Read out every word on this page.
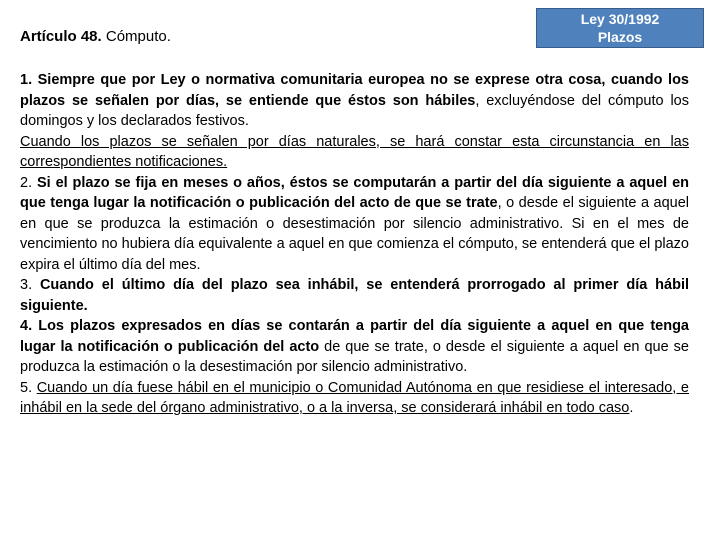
Artículo 48. Cómputo.
Ley 30/1992
Plazos

1. Siempre que por Ley o normativa comunitaria europea no se exprese otra cosa, cuando los plazos se señalen por días, se entiende que éstos son hábiles, excluyéndose del cómputo los domingos y los declarados festivos.

Cuando los plazos se señalen por días naturales, se hará constar esta circunstancia en las correspondientes notificaciones.

2. Si el plazo se fija en meses o años, éstos se computarán a partir del día siguiente a aquel en que tenga lugar la notificación o publicación del acto de que se trate, o desde el siguiente a aquel en que se produzca la estimación o desestimación por silencio administrativo. Si en el mes de vencimiento no hubiera día equivalente a aquel en que comienza el cómputo, se entenderá que el plazo expira el último día del mes.

3. Cuando el último día del plazo sea inhábil, se entenderá prorrogado al primer día hábil siguiente.

4. Los plazos expresados en días se contarán a partir del día siguiente a aquel en que tenga lugar la notificación o publicación del acto de que se trate, o desde el siguiente a aquel en que se produzca la estimación o la desestimación por silencio administrativo.

5. Cuando un día fuese hábil en el municipio o Comunidad Autónoma en que residiese el interesado, e inhábil en la sede del órgano administrativo, o a la inversa, se considerará inhábil en todo caso.
